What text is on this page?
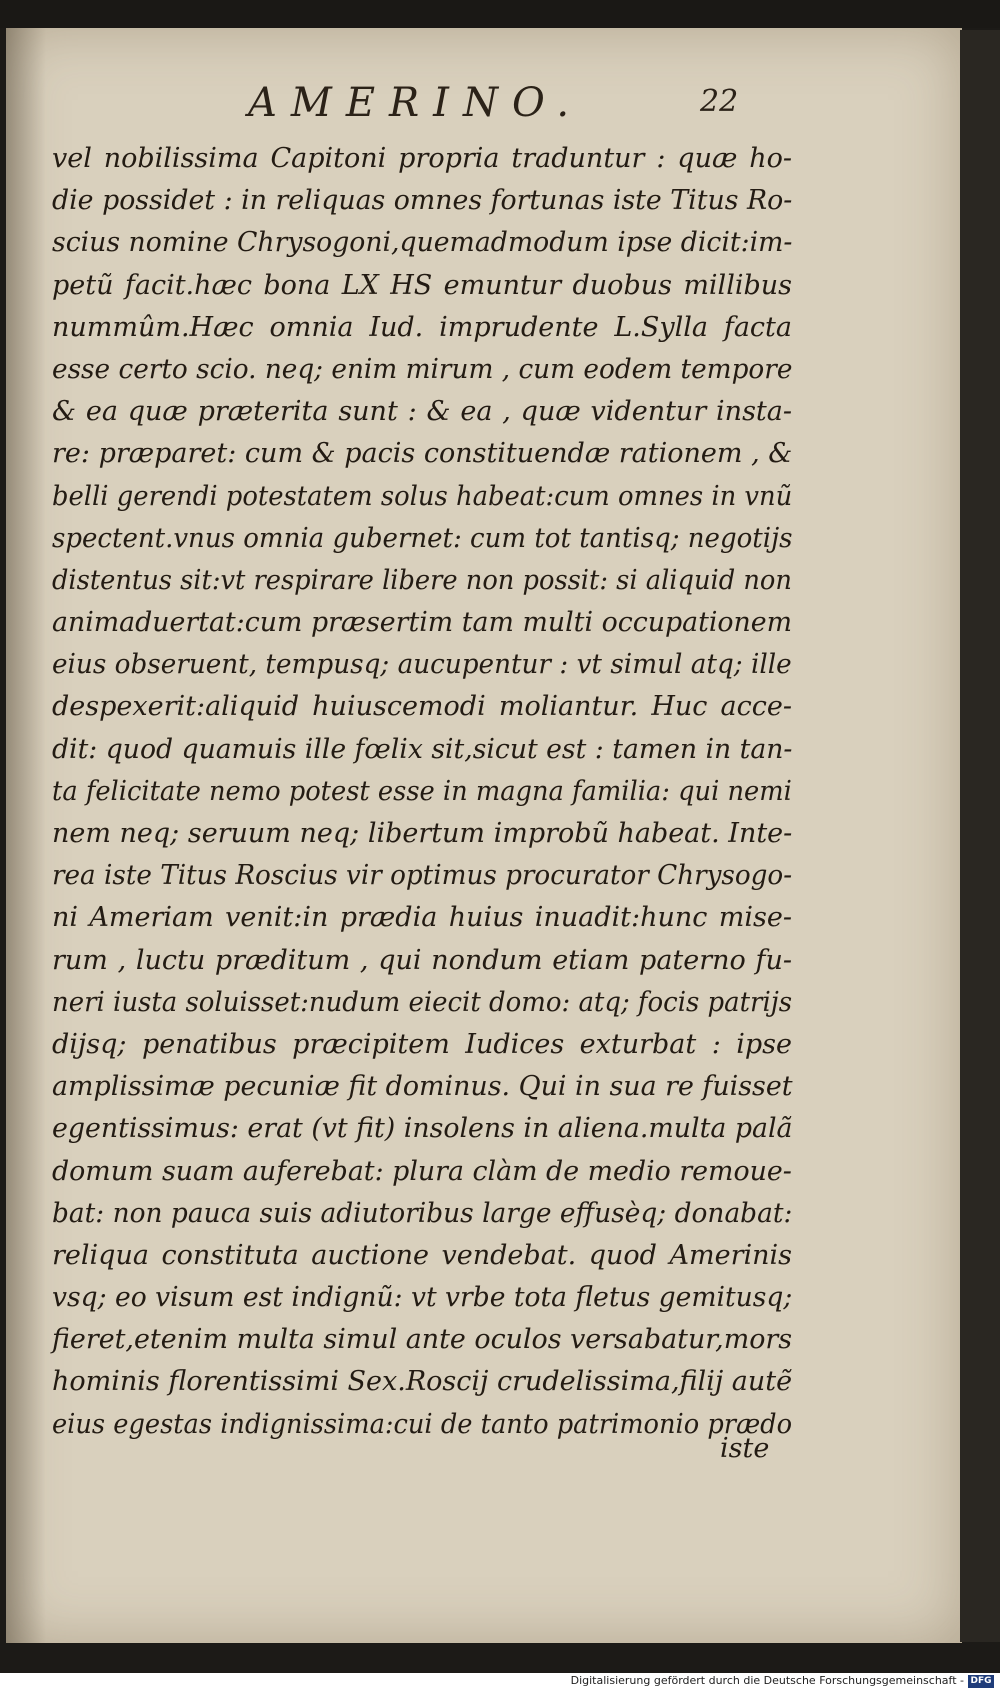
AMERINO.	22
vel nobilissima Capitoni propria traduntur : quæ ho-
die possidet : in reliquas omnes fortunas iste Titus Ro-
scius nomine Chrysogoni,quemadmodum ipse dicit:im-
petũ facit.hæc bona LX HS emuntur duobus millibus
nummûm.Hæc omnia Iud. imprudente L.Sylla facta
esse certo scio. neq; enim mirum , cum eodem tempore
& ea quæ præterita sunt : & ea , quæ videntur insta-
re: præparet: cum & pacis constituendæ rationem , &
belli gerendi potestatem solus habeat:cum omnes in vnũ
spectent.vnus omnia gubernet: cum tot tantisq; negotijs
distentus sit:vt respirare libere non possit: si aliquid non
animaduertat:cum præsertim tam multi occupationem
eius obseruent, tempusq; aucupentur : vt simul atq; ille
despexerit:aliquid huiuscemodi moliantur. Huc acce-
dit: quod quamuis ille fœlix sit,sicut est : tamen in tan-
ta felicitate nemo potest esse in magna familia: qui nemi
nem neq; seruum neq; libertum improbũ habeat. Inte-
rea iste Titus Roscius vir optimus procurator Chrysogo-
ni Ameriam venit:in prædia huius inuadit:hunc mise-
rum , luctu præditum , qui nondum etiam paterno fu-
neri iusta soluisset:nudum eiecit domo: atq; focis patrijs
dijsq; penatibus præcipitem Iudices exturbat : ipse
amplissimæ pecuniæ fit dominus. Qui in sua re fuisset
egentissimus: erat (vt fit) insolens in aliena.multa palã
domum suam auferebat: plura clàm de medio remoue-
bat: non pauca suis adiutoribus large effusèq; donabat:
reliqua constituta auctione vendebat. quod Amerinis
vsq; eo visum est indignũ: vt vrbe tota fletus gemitusq;
fieret,etenim multa simul ante oculos versabatur,mors
hominis florentissimi Sex.Roscij crudelissima,filij autẽ
eius egestas indignissima:cui de tanto patrimonio prædo
iste
Digitalisierung gefördert durch die Deutsche Forschungsgemeinschaft - DFG
